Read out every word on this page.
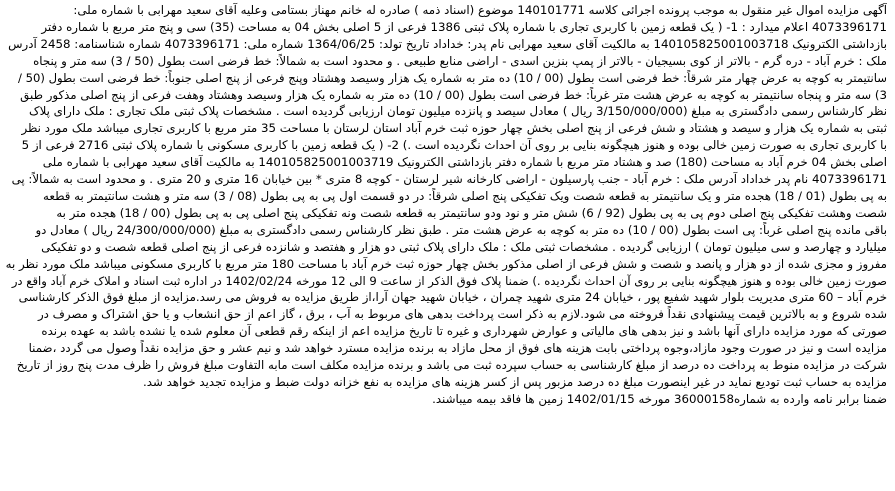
آگهی مزایده اموال غیر منقول به موجب پرونده اجرائی کلاسه 140101771 موضوع (اسناد ذمه ) صادره له خانم مهناز بستامی وعلیه آقای سعید مهرابی با شماره ملی:
4073396171 اعلام میدارد : 1- ( یک قطعه زمین با کاربری تجاری با شماره پلاک ثبتی 1386 فرعی از 5 اصلی بخش 04 به مساحت (35) سی و پنج متر مربع با شماره دفتر
بازداشتی الکترونیک 140105825001003718 به مالکیت آقای سعید مهرابی نام پدر: خداداد تاریخ تولد: 1364/06/25 شماره ملی: 4073396171 شماره شناسنامه: 2458 آدرس
ملک : خرم آباد - دره گرم - بالاتر از کوی بسیجیان - بالاتر از پمپ بنزین اسدی - اراضی منابع طبیعی . و محدود است به شمالاً: خط فرضی است بطول (50 / 3) سه متر و پنجاه
سانتیمتر به کوچه به عرض چهار متر شرقاً: خط فرضی است بطول (00 / 10) ده متر به شماره یک هزار وسیصد وهشتاد وپنج فرعی از پنج اصلی جنوباً: خط فرضی است بطول (50 /
3) سه متر و پنجاه سانتیمتر به کوچه به عرض هشت متر غرباً: خط فرضی است بطول (00 / 10) ده متر به شماره یک هزار وسیصد وهشتاد وهفت فرعی از پنج اصلی مذکور طبق
نظر کارشناس رسمی دادگستری به مبلغ (3/150/000/000 ریال ) معادل سیصد و پانزده میلیون تومان ارزیابی گردیده است . مشخصات پلاک ثبتی ملک تجاری : ملک دارای پلاک
ثبتی به شماره یک هزار و سیصد و هشتاد و شش فرعی از پنج اصلی بخش چهار حوزه ثبت خرم آباد استان لرستان با مساحت 35 متر مربع با کاربری تجاری میباشد ملک مورد نظر
با کاربری تجاری به صورت زمین خالی بوده و هنوز هیچگونه بنایی بر روی آن احداث نگردیده است .) 2- ( یک قطعه زمین با کاربری مسکونی با شماره پلاک ثبتی 2716 فرعی از 5
اصلی بخش 04 خرم آباد به مساحت (180) صد و هشتاد متر مربع با شماره دفتر بازداشتی الکترونیک 140105825001003719 به مالکیت آقای سعید مهرابی با شماره ملی
4073396171 نام پدر خداداد آدرس ملک : خرم آباد - جنب پارسیلون - اراضی کارخانه شیر لرستان - کوچه 8 متری * بین خیابان 16 متری و 20 متری . و محدود است به شمالاً: پی
به پی بطول (01 / 18) هجده متر و یک سانتیمتر به قطعه شصت ویک تفکیکی پنج اصلی شرقاً: در دو قسمت اول پی به پی بطول (08 / 3) سه متر و هشت سانتیمتر به قطعه
شصت وهشت تفکیکی پنج اصلی دوم پی به پی بطول (92 / 6) شش متر و نود ودو سانتیمتر به قطعه شصت ونه تفکیکی پنج اصلی پی به پی بطول (00 / 18) هجده متر به
باقی مانده پنج اصلی غرباً: پی است بطول (00 / 10) ده متر به کوچه به عرض هشت متر . طبق نظر کارشناس رسمی دادگستری به مبلغ (24/300/000/000 ریال ) معادل دو
میلیارد و چهارصد و سی میلیون تومان ) ارزیابی گردیده . مشخصات ثبتی ملک : ملک دارای پلاک ثبتی دو هزار و هفتصد و شانزده فرعی از پنج اصلی قطعه شصت و دو تفکیکی
مفروز و مجزی شده از دو هزار و پانصد و شصت و شش فرعی از اصلی مذکور بخش چهار حوزه ثبت خرم آباد با مساحت 180 متر مربع با کاربری مسکونی میباشد ملک مورد نظر به
صورت زمین خالی بوده و هنوز هیچگونه بنایی بر روی آن احداث نگردیده .) ضمنا پلاک فوق الذکر از ساعت 9 الی 12 مورخه 1402/02/24 در اداره ثبت اسناد و املاک خرم آباد واقع در
خرم آباد – 60 متری مدیریت بلوار شهید شفیع پور ، خیابان 24 متری شهید چمران ، خیابان شهید جهان آرا،از طریق مزایده به فروش می رسد.مزایده از مبلغ فوق الذکر کارشناسی
شده شروع و به بالاترین قیمت پیشنهادی نقداً فروخته می شود.لازم به ذکر است پرداخت بدهی های مربوط به آب ، برق ، گاز اعم از حق انشعاب و یا حق اشتراک و مصرف در
صورتی که مورد مزایده دارای آنها باشد و نیز بدهی های مالیاتی و عوارض شهرداری و غیره تا تاریخ مزایده اعم از اینکه رقم قطعی آن معلوم شده یا نشده باشد به عهده برنده
مزایده است و نیز در صورت وجود مازاد،وجوه پرداختی بابت هزینه های فوق از محل مازاد به برنده مزایده مسترد خواهد شد و نیم عشر و حق مزایده نقداً وصول می گردد ،ضمنا
شرکت در مزایده منوط به پرداخت ده درصد از مبلغ کارشناسی به حساب سپرده ثبت می باشد و برنده مزایده مکلف است مابه التفاوت مبلغ فروش را ظرف مدت پنج روز از تاریخ
مزایده به حساب ثبت تودیع نماید در غیر اینصورت مبلغ ده درصد مزبور پس از کسر هزینه های مزایده به نفع خزانه دولت ضبط و مزایده تجدید خواهد شد.
ضمنا برابر نامه وارده به شماره36000158 مورخه 1402/01/15 زمین ها فاقد بیمه میباشند.
